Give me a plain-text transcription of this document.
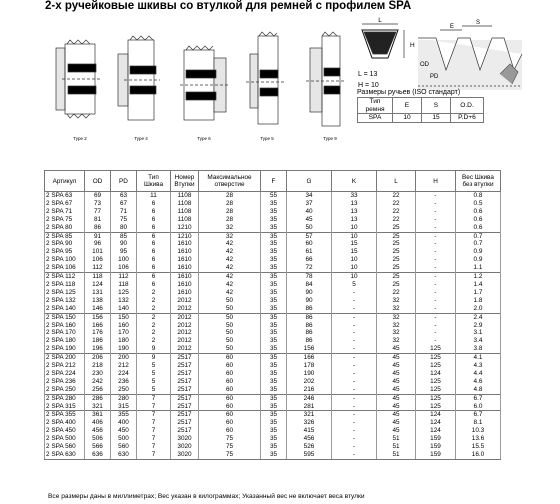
2-х ручейковые шкивы со втулкой для ремней с профилем SPA
Type 2	Type 4	Type 6	Type 5	Type 9
L
H
L = 13
H = 10
E
S
OD
PD
Размеры ручьев (ISO стандарт)
Тип ремня	E	S	O.D.
SPA	10	15	P.D+6
Артикул	OD	PD	Тип Шкива	Номер Втулки	Максимальное отверстие	F	G	K	L	H	Вес Шкива без втулки
2 SPA 63	69	63	11	1108	28	55	34	33	22	-	0.8
2 SPA 67	73	67	6	1108	28	35	37	13	22	-	0.5
2 SPA 71	77	71	6	1108	28	35	40	13	22	-	0.6
2 SPA 75	81	75	6	1108	28	35	45	13	22	-	0.6
2 SPA 80	86	80	6	1210	32	35	50	10	25	-	0.6
2 SPA 85	91	85	6	1210	32	35	57	10	25	-	0.7
2 SPA 90	96	90	6	1610	42	35	60	15	25	-	0.7
2 SPA 95	101	95	6	1610	42	35	61	15	25	-	0.9
2 SPA 100	106	100	6	1610	42	35	66	10	25	-	0.9
2 SPA 106	112	106	6	1610	42	35	72	10	25	-	1.1
2 SPA 112	118	112	6	1610	42	35	78	10	25	-	1.2
2 SPA 118	124	118	6	1610	42	35	84	5	25	-	1.4
2 SPA 125	131	125	2	1610	42	35	90	-	22	-	1.7
2 SPA 132	138	132	2	2012	50	35	90	-	32	-	1.8
2 SPA 140	146	140	2	2012	50	35	86	-	32	-	2.0
2 SPA 150	156	150	2	2012	50	35	86	-	32	-	2.4
2 SPA 160	166	160	2	2012	50	35	86	-	32	-	2.9
2 SPA 170	176	170	2	2012	50	35	86	-	32	-	3.1
2 SPA 180	186	180	2	2012	50	35	86	-	32	-	3.4
2 SPA 190	196	190	9	2012	50	35	156	-	45	125	3.8
2 SPA 200	206	200	9	2517	60	35	166	-	45	125	4.1
2 SPA 212	218	212	5	2517	60	35	178	-	45	125	4.3
2 SPA 224	230	224	5	2517	60	35	190	-	45	124	4.4
2 SPA 236	242	236	5	2517	60	35	202	-	45	125	4.6
2 SPA 250	256	250	5	2517	60	35	216	-	45	125	4.8
2 SPA 280	286	280	7	2517	60	35	246	-	45	125	6.7
2 SPA 315	321	315	7	2517	60	35	281	-	45	125	6.0
2 SPA 355	361	355	7	2517	60	35	321	-	45	124	6.7
2 SPA 400	406	400	7	2517	60	35	326	-	45	124	8.1
2 SPA 450	456	450	7	2517	60	35	415	-	45	124	10.3
2 SPA 500	506	500	7	3020	75	35	456	-	51	159	13.6
2 SPA 560	566	560	7	3020	75	35	526	-	51	159	15.5
2 SPA 630	636	630	7	3020	75	35	595	-	51	159	16.0
Все размеры даны в миллиметрах; Вес указан в килограммах; Указанный вес не включает веса втулки
